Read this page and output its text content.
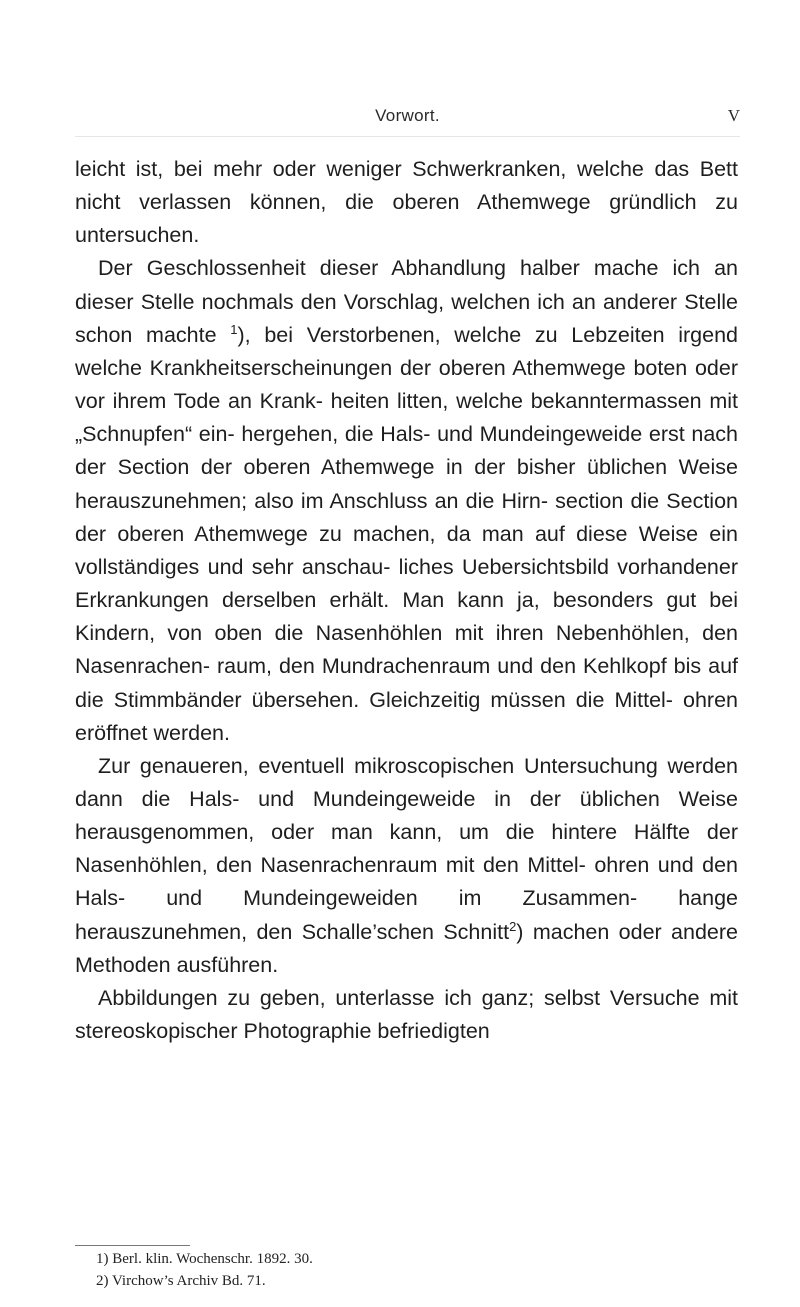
Vorwort.	V

leicht ist, bei mehr oder weniger Schwerkranken, welche das Bett nicht verlassen können, die oberen Athemwege gründlich zu untersuchen.

Der Geschlossenheit dieser Abhandlung halber mache ich an dieser Stelle nochmals den Vorschlag, welchen ich an anderer Stelle schon machte $^1$), bei Verstorbenen, welche zu Lebzeiten irgend welche Krankheitserscheinungen der oberen Athemwege boten oder vor ihrem Tode an Krank- heiten litten, welche bekanntermassen mit „Schnupfen“ ein- hergehen, die Hals- und Mundeingeweide erst nach der Section der oberen Athemwege in der bisher üblichen Weise herauszunehmen; also im Anschluss an die Hirn- section die Section der oberen Athemwege zu machen, da man auf diese Weise ein vollständiges und sehr anschau- liches Uebersichtsbild vorhandener Erkrankungen derselben erhält. Man kann ja, besonders gut bei Kindern, von oben die Nasenhöhlen mit ihren Nebenhöhlen, den Nasenrachen- raum, den Mundrachenraum und den Kehlkopf bis auf die Stimmbänder übersehen. Gleichzeitig müssen die Mittel- ohren eröffnet werden.

Zur genaueren, eventuell mikroscopischen Untersuchung werden dann die Hals- und Mundeingeweide in der üblichen Weise herausgenommen, oder man kann, um die hintere Hälfte der Nasenhöhlen, den Nasenrachenraum mit den Mittel- ohren und den Hals- und Mundeingeweiden im Zusammen- hange herauszunehmen, den Schalle’schen Schnitt$^2$) machen oder andere Methoden ausführen.

Abbildungen zu geben, unterlasse ich ganz; selbst Versuche mit stereoskopischer Photographie befriedigten

1) Berl. klin. Wochenschr. 1892. 30.
2) Virchow’s Archiv Bd. 71.
